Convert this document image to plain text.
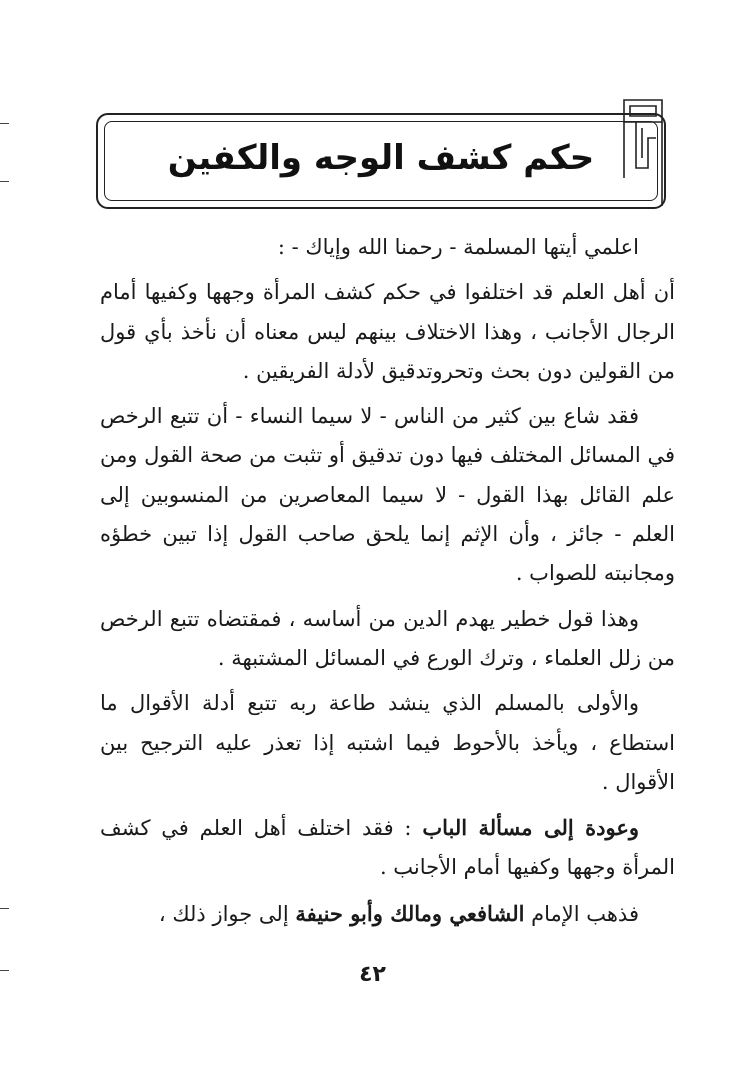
حكم كشف الوجه والكفين

اعلمي أيتها المسلمة - رحمنا الله وإياك - :

أن أهل العلم قد اختلفوا في حكم كشف المرأة وجهها وكفيها أمام الرجال الأجانب ، وهذا الاختلاف بينهم ليس معناه أن نأخذ بأي قول من القولين دون بحث وتحروتدقيق لأدلة الفريقين .

فقد شاع بين كثير من الناس - لا سيما النساء - أن تتبع الرخص في المسائل المختلف فيها دون تدقيق أو تثبت من صحة القول ومن علم القائل بهذا القول - لا سيما المعاصرين من المنسوبين إلى العلم - جائز ، وأن الإثم إنما يلحق صاحب القول إذا تبين خطؤه ومجانبته للصواب .

وهذا قول خطير يهدم الدين من أساسه ، فمقتضاه تتبع الرخص من زلل العلماء ، وترك الورع في المسائل المشتبهة .

والأولى بالمسلم الذي ينشد طاعة ربه تتبع أدلة الأقوال ما استطاع ، ويأخذ بالأحوط فيما اشتبه إذا تعذر عليه الترجيح بين الأقوال .

وعودة إلى مسألة الباب : فقد اختلف أهل العلم في كشف المرأة وجهها وكفيها أمام الأجانب .

فذهب الإمام الشافعي ومالك وأبو حنيفة إلى جواز ذلك ،

٤٢
